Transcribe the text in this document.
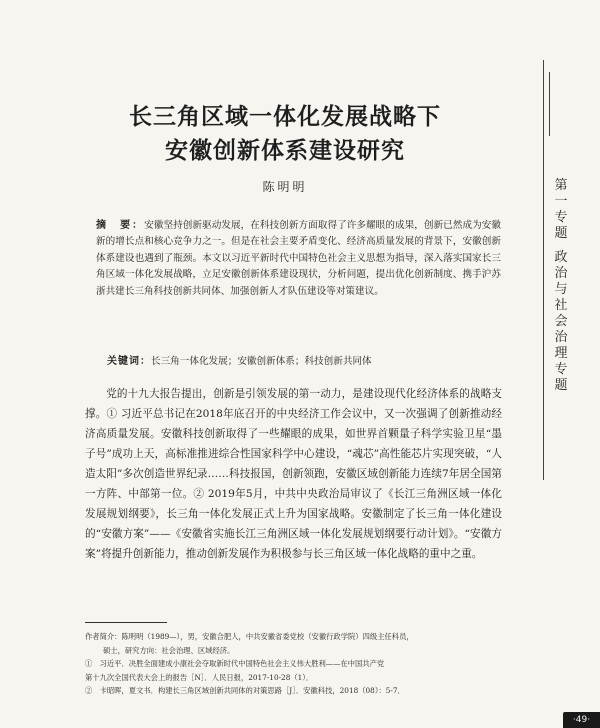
长三角区域一体化发展战略下
安徽创新体系建设研究
陈明明
摘　要：安徽坚持创新驱动发展，在科技创新方面取得了许多耀眼的成果，创新已然成为安徽新的增长点和核心竞争力之一。但是在社会主要矛盾变化、经济高质量发展的背景下，安徽创新体系建设也遇到了瓶颈。本文以习近平新时代中国特色社会主义思想为指导，深入落实国家长三角区域一体化发展战略，立足安徽创新体系建设现状，分析问题，提出优化创新制度、携手沪苏浙共建长三角科技创新共同体、加强创新人才队伍建设等对策建议。
关键词：长三角一体化发展；安徽创新体系；科技创新共同体

党的十九大报告提出，创新是引领发展的第一动力，是建设现代化经济体系的战略支撑。① 习近平总书记在2018年底召开的中央经济工作会议中，又一次强调了创新推动经济高质量发展。安徽科技创新取得了一些耀眼的成果，如世界首颗量子科学实验卫星“墨子号”成功上天，高标准推进综合性国家科学中心建设，“魂芯”高性能芯片实现突破，“人造太阳”多次创造世界纪录……科技报国，创新领跑，安徽区域创新能力连续7年居全国第一方阵、中部第一位。② 2019年5月，中共中央政治局审议了《长江三角洲区域一体化发展规划纲要》，长三角一体化发展正式上升为国家战略。安徽制定了长三角一体化建设的“安徽方案”——《安徽省实施长江三角洲区域一体化发展规划纲要行动计划》。“安徽方案”将提升创新能力，推动创新发展作为积极参与长三角区域一体化战略的重中之重。

作者简介：陈明明（1989—），男，安徽合肥人，中共安徽省委党校（安徽行政学院）四级主任科员，
硕士，研究方向：社会治理、区域经济。
①　习近平．决胜全面建成小康社会夺取新时代中国特色社会主义伟大胜利——在中国共产党
第十九次全国代表大会上的报告［N］．人民日报，2017-10-28（1）．
②　卡昭晖，夏文书．构建长三角区域创新共同体的对策思路［J］．安徽科技，2018（08）：5-7．
第
一
专
题
政
治
与
社
会
治
理
专
题
·49·
